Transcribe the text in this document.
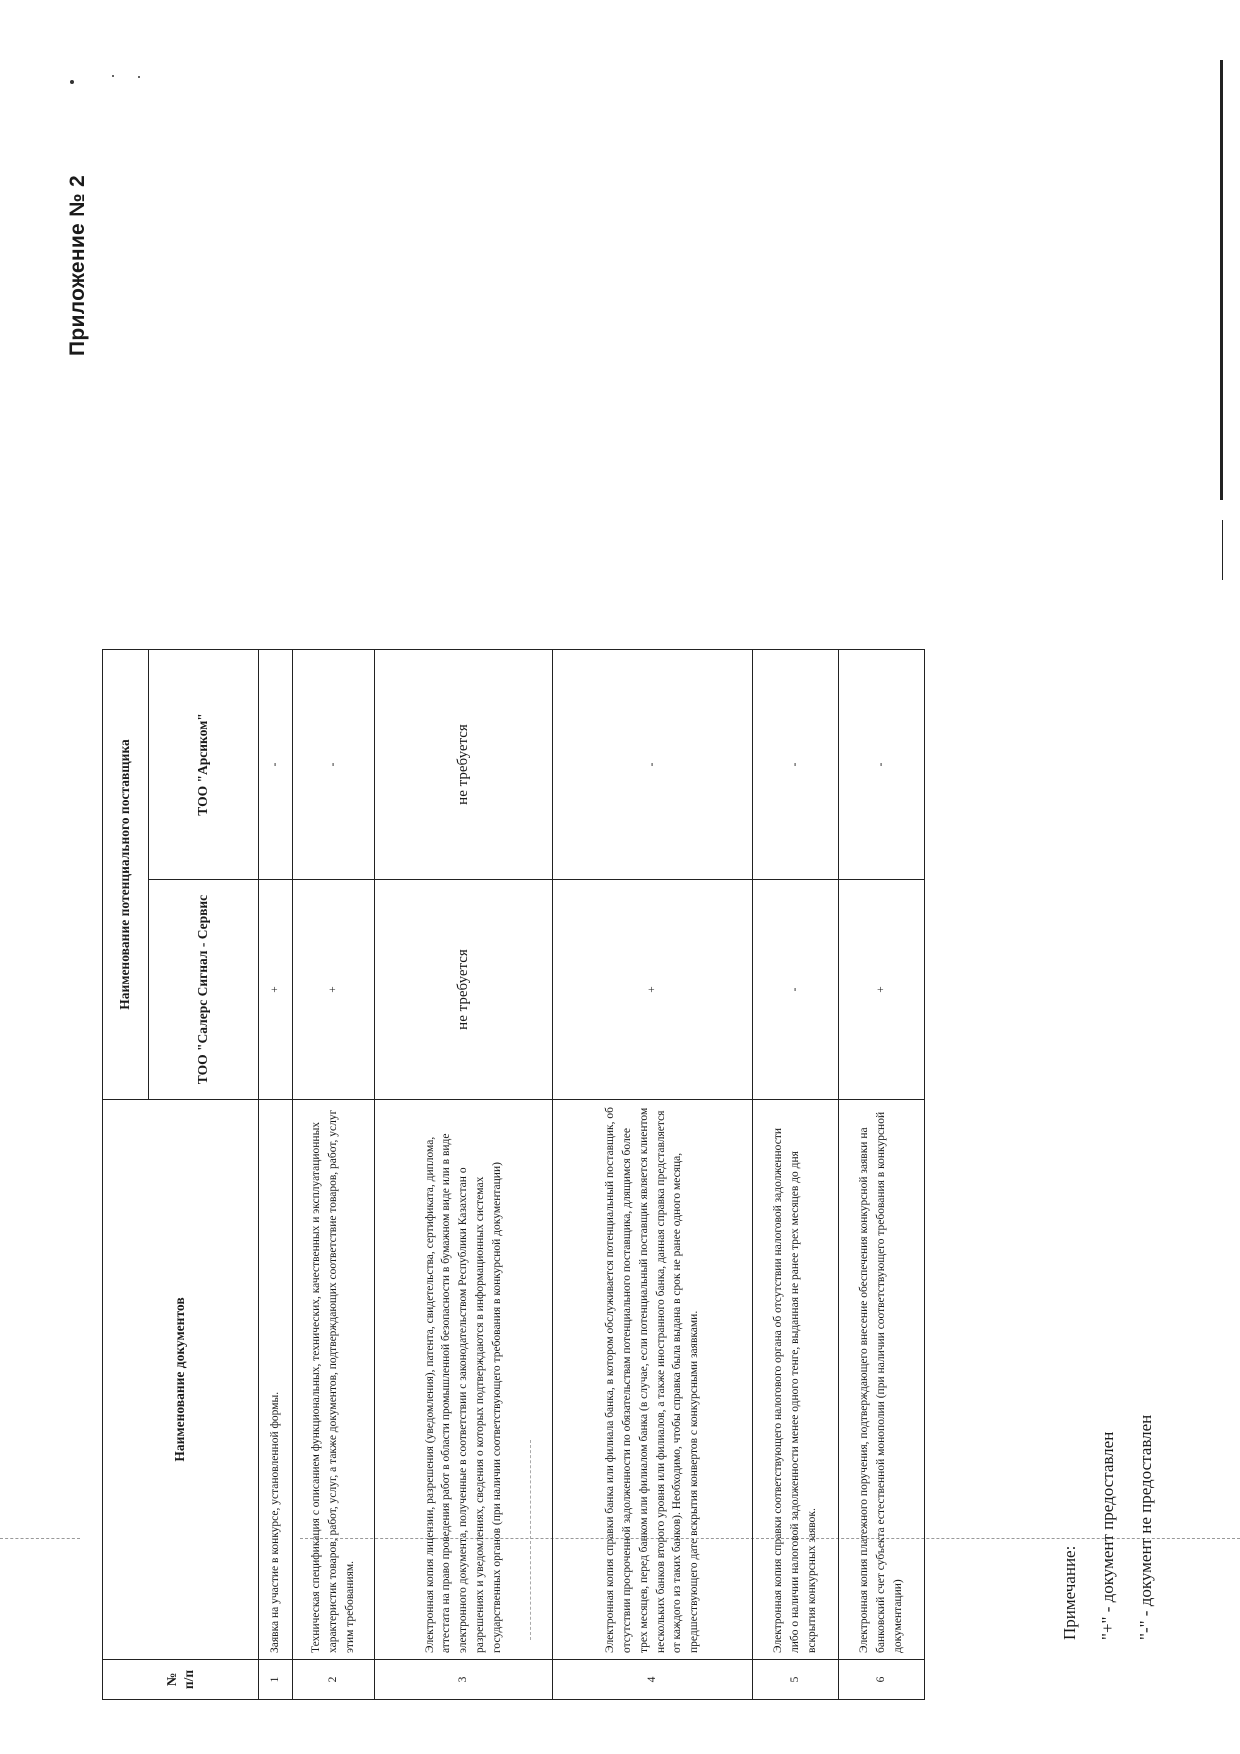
Приложение № 2
№ п/п	Наименование документов	Наименование потенциального поставщика	
		ТОО "Салерс Сигнал - Сервис	ТОО "Арсиком"
1	Заявка на участие в конкурсе, установленной формы.	+	-
2	Техническая спецификация с описанием функциональных, технических, качественных и эксплуатационных характеристик товаров, работ, услуг, а также документов, подтверждающих соответствие товаров, работ, услуг этим требованиям.	+	-
3	Электронная копия лицензии, разрешения (уведомления), патента, свидетельства, сертификата, диплома, аттестата на право проведения работ в области промышленной безопасности в бумажном виде или в виде электронного документа, полученные в соответствии с законодательством Республики Казахстан о разрешениях и уведомлениях, сведения о которых подтверждаются в информационных системах государственных органов (при наличии соответствующего требования в конкурсной документации)	не требуется	не требуется
4	Электронная копия справки банка или филиала банка, в котором обслуживается потенциальный поставщик, об отсутствии просроченной задолженности по обязательствам потенциального поставщика, длящимся более трех месяцев, перед банком или филиалом банка (в случае, если потенциальный поставщик является клиентом нескольких банков второго уровня или филиалов, а также иностранного банка, данная справка представляется от каждого из таких банков). Необходимо, чтобы справка была выдана в срок не ранее одного месяца, предшествующего дате вскрытия конвертов с конкурсными заявками.	+	-
5	Электронная копия справки соответствующего налогового органа об отсутствии налоговой задолженности либо о наличии налоговой задолженности менее одного тенге, выданная не ранее трех месяцев до дня вскрытия конкурсных заявок.	-	-
6	Электронная копия платежного поручения, подтверждающего внесение обеспечения конкурсной заявки на банковский счет субъекта естественной монополии (при наличии соответствующего требования в конкурсной документации)	+	-
Примечание: "+" - документ предоставлен "-" - документ не предоставлен
